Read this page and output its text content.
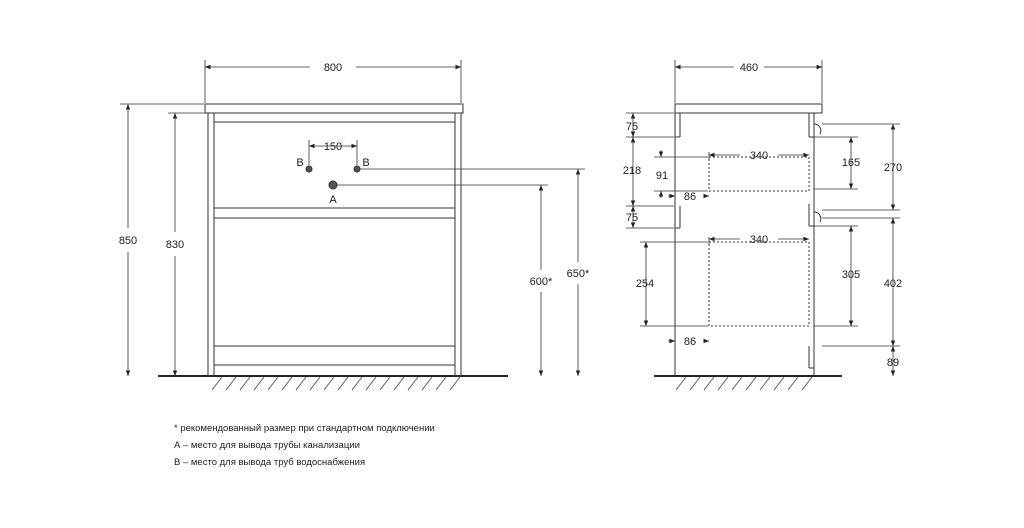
800
150
B	B
A
850	830
600*
650*
460
75
218 91
75
254
340
340
86
86
165
305
270
402
89
* рекомендованный размер при стандартном подключении
А – место для вывода трубы канализации
В – место для вывода труб водоснабжения
